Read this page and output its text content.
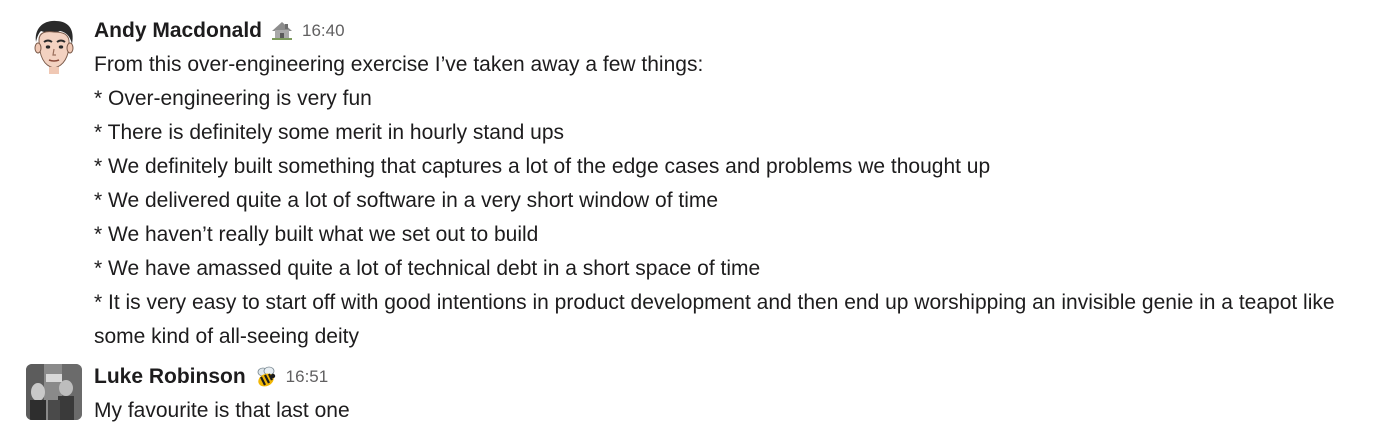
Andy Macdonald 16:40
From this over-engineering exercise I’ve taken away a few things:
* Over-engineering is very fun
* There is definitely some merit in hourly stand ups
* We definitely built something that captures a lot of the edge cases and problems we thought up
* We delivered quite a lot of software in a very short window of time
* We haven’t really built what we set out to build
* We have amassed quite a lot of technical debt in a short space of time
* It is very easy to start off with good intentions in product development and then end up worshipping an invisible genie in a teapot like some kind of all-seeing deity
Luke Robinson 16:51
My favourite is that last one
